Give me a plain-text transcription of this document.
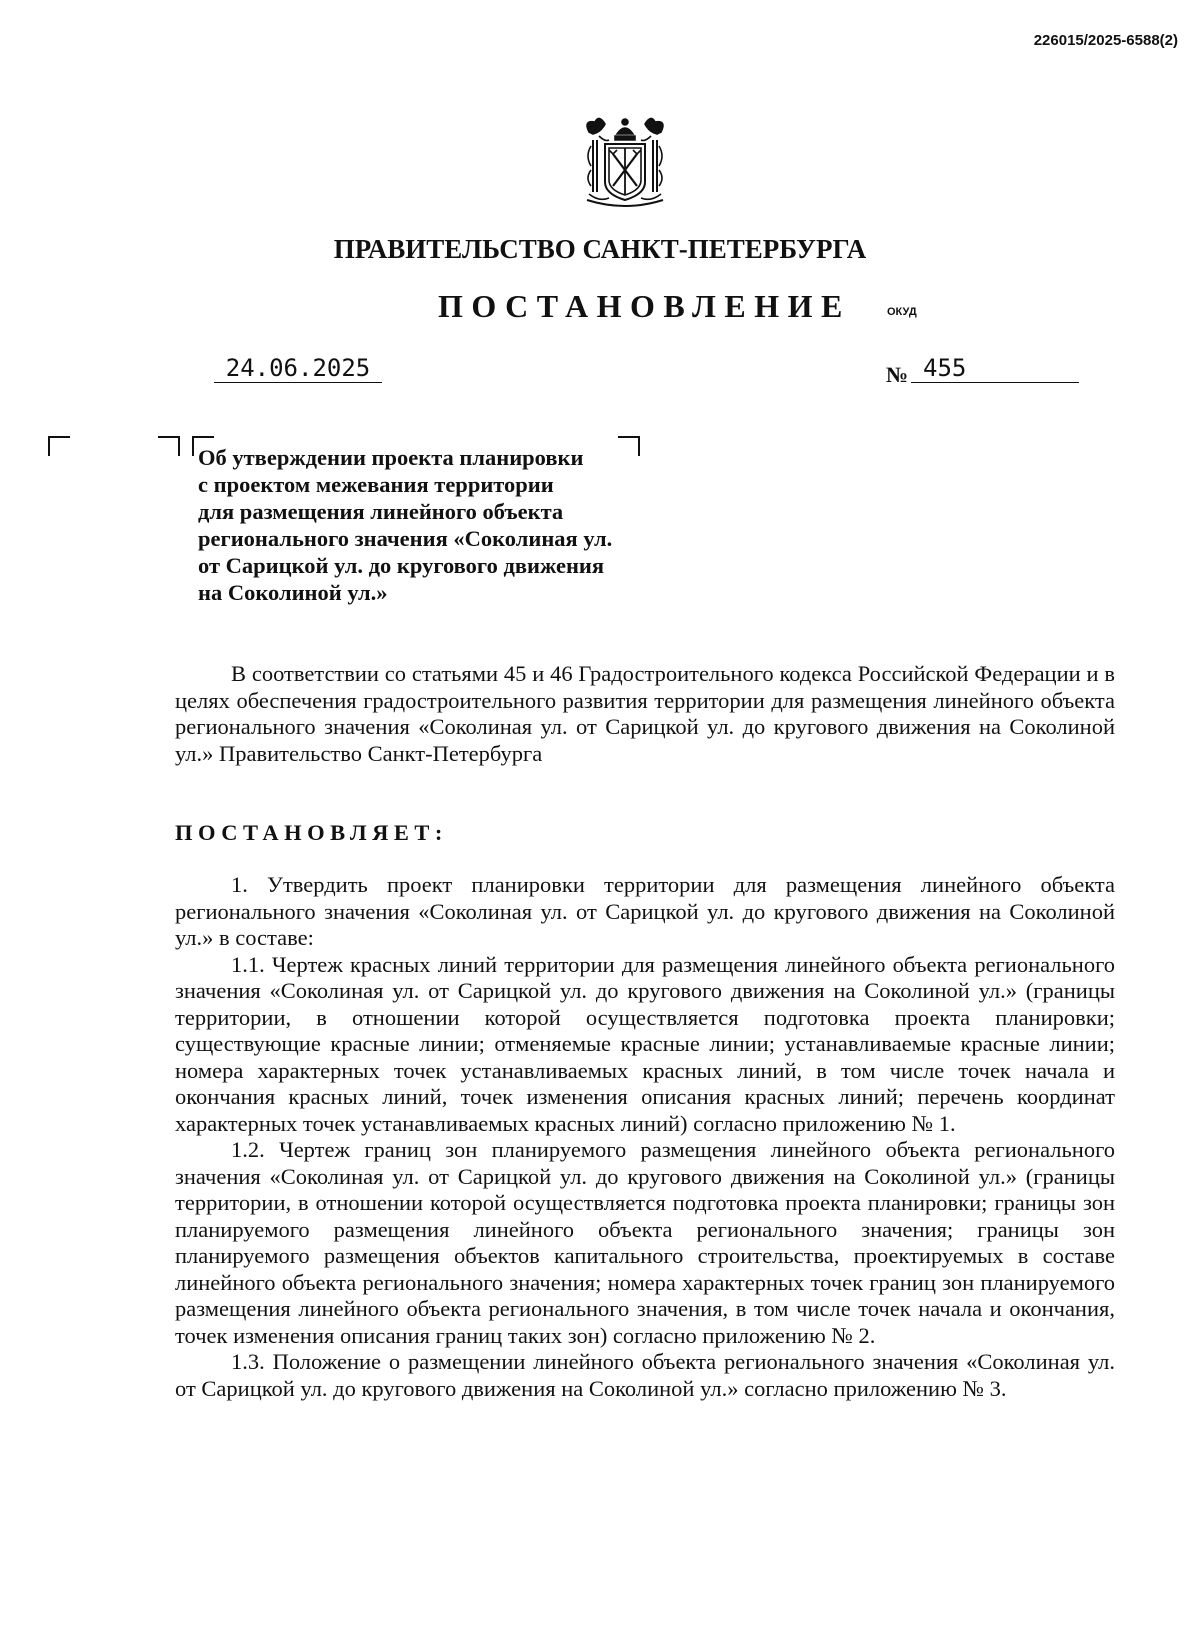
226015/2025-6588(2)
ПРАВИТЕЛЬСТВО САНКТ-ПЕТЕРБУРГА
ПОСТАНОВЛЕНИЕ	ОКУД
24.06.2025	№ 455
Об утверждении проекта планировки
с проектом межевания территории
для размещения линейного объекта
регионального значения «Соколиная ул.
от Сарицкой ул. до кругового движения
на Соколиной ул.»

В соответствии со статьями 45 и 46 Градостроительного кодекса Российской Федерации и в целях обеспечения градостроительного развития территории для размещения линейного объекта регионального значения «Соколиная ул. от Сарицкой ул. до кругового движения на Соколиной ул.» Правительство Санкт-Петербурга

ПОСТАНОВЛЯЕТ:

1. Утвердить проект планировки территории для размещения линейного объекта регионального значения «Соколиная ул. от Сарицкой ул. до кругового движения на Соколиной ул.» в составе:

1.1. Чертеж красных линий территории для размещения линейного объекта регионального значения «Соколиная ул. от Сарицкой ул. до кругового движения на Соколиной ул.» (границы территории, в отношении которой осуществляется подготовка проекта планировки; существующие красные линии; отменяемые красные линии; устанавливаемые красные линии; номера характерных точек устанавливаемых красных линий, в том числе точек начала и окончания красных линий, точек изменения описания красных линий; перечень координат характерных точек устанавливаемых красных линий) согласно приложению № 1.

1.2. Чертеж границ зон планируемого размещения линейного объекта регионального значения «Соколиная ул. от Сарицкой ул. до кругового движения на Соколиной ул.» (границы территории, в отношении которой осуществляется подготовка проекта планировки; границы зон планируемого размещения линейного объекта регионального значения; границы зон планируемого размещения объектов капитального строительства, проектируемых в составе линейного объекта регионального значения; номера характерных точек границ зон планируемого размещения линейного объекта регионального значения, в том числе точек начала и окончания, точек изменения описания границ таких зон) согласно приложению № 2.

1.3. Положение о размещении линейного объекта регионального значения «Соколиная ул. от Сарицкой ул. до кругового движения на Соколиной ул.» согласно приложению № 3.
